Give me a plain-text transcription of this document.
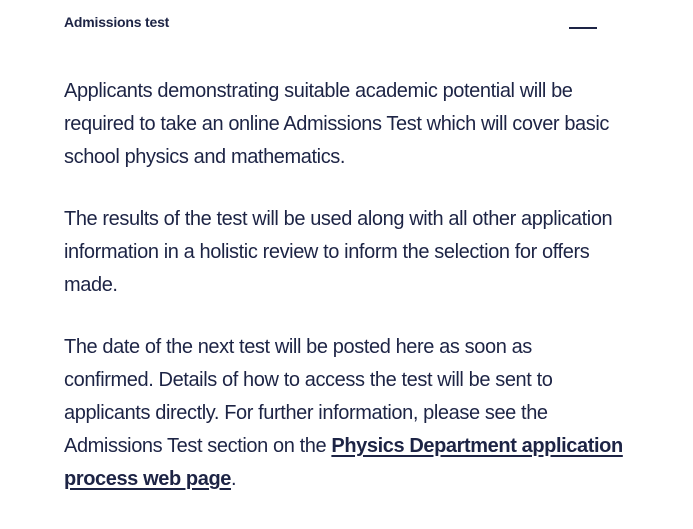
Admissions test

Applicants demonstrating suitable academic potential will be required to take an online Admissions Test which will cover basic school physics and mathematics.

The results of the test will be used along with all other application information in a holistic review to inform the selection for offers made.

The date of the next test will be posted here as soon as confirmed. Details of how to access the test will be sent to applicants directly. For further information, please see the Admissions Test section on the Physics Department application process web page.
